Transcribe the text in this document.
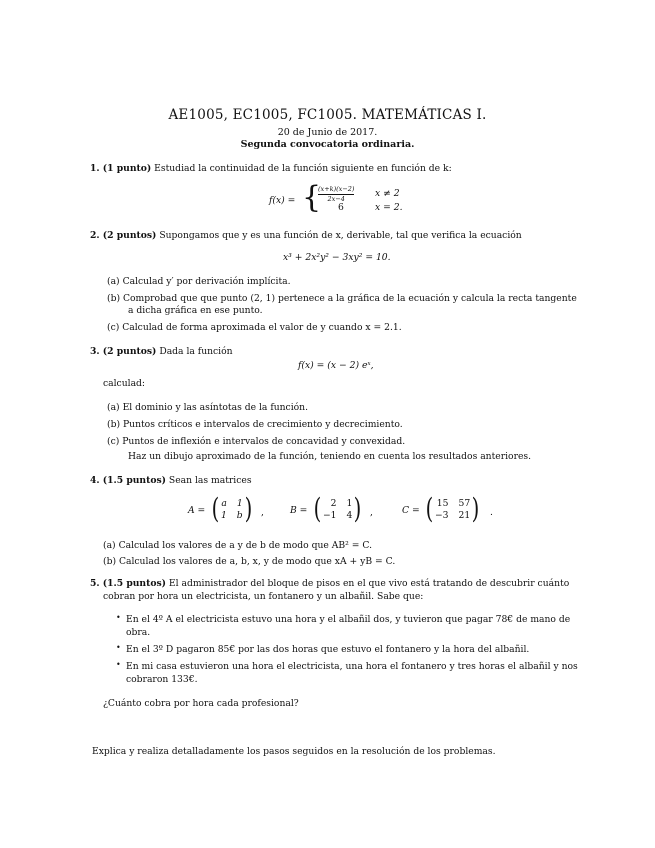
AE1005, EC1005, FC1005. MATEMÁTICAS I.
20 de Junio de 2017.
Segunda convocatoria ordinaria.
1. (1 punto) Estudiad la continuidad de la función siguiente en función de k:
f(x) = {
(x+k)(x−2)
2x−4	x ≠ 2
6	x = 2.
2. (2 puntos) Supongamos que y es una función de x, derivable, tal que verifica la ecuación
x³ + 2x²y² − 3xy² = 10.
(a) Calculad y′ por derivación implícita.
(b) Comprobad que que punto (2, 1) pertenece a la gráfica de la ecuación y calcula la recta tangente
a dicha gráfica en ese punto.
(c) Calculad de forma aproximada el valor de y cuando x = 2.1.
3. (2 puntos) Dada la función
f(x) = (x − 2) eˣ,
calculad:
(a) El dominio y las asíntotas de la función.
(b) Puntos críticos e intervalos de crecimiento y decrecimiento.
(c) Puntos de inflexión e intervalos de concavidad y convexidad.
Haz un dibujo aproximado de la función, teniendo en cuenta los resultados anteriores.
4. (1.5 puntos) Sean las matrices
A = ( a 1
1 b ) ,	B = (	2 1
−1 4 ) ,	C = ( 15 57
−3 21 ) .
(a) Calculad los valores de a y de b de modo que AB² = C.
(b) Calculad los valores de a, b, x, y de modo que xA + yB = C.
5. (1.5 puntos) El administrador del bloque de pisos en el que vivo está tratando de descubrir cuánto
cobran por hora un electricista, un fontanero y un albañil. Sabe que:
• En el 4º A el electricista estuvo una hora y el albañil dos, y tuvieron que pagar 78€ de mano de
obra.
• En el 3º D pagaron 85€ por las dos horas que estuvo el fontanero y la hora del albañil.
• En mi casa estuvieron una hora el electricista, una hora el fontanero y tres horas el albañil y nos
cobraron 133€.
¿Cuánto cobra por hora cada profesional?
Explica y realiza detalladamente los pasos seguidos en la resolución de los problemas.
